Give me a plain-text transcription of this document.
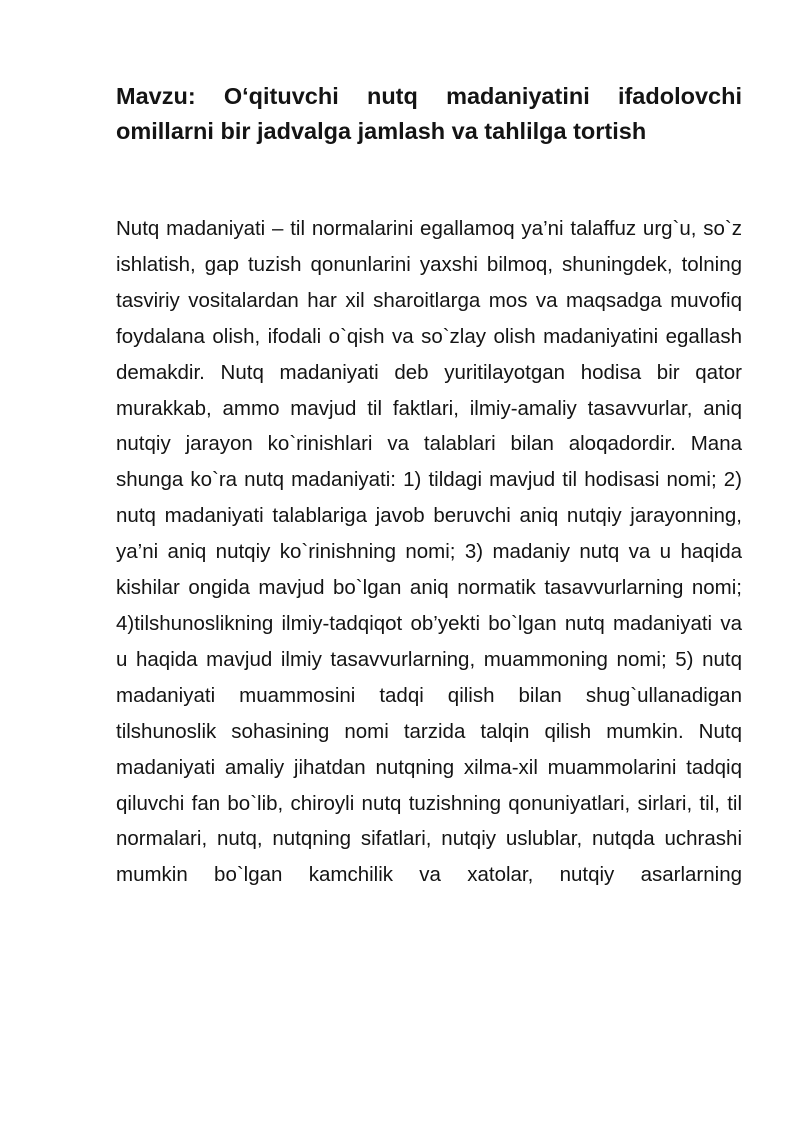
Mavzu: O‘qituvchi nutq madaniyatini ifadolovchi omillarni bir jadvalga jamlash va tahlilga tortish

Nutq madaniyati – til normalarini egallamoq ya’ni talaffuz urg`u, so`z ishlatish, gap tuzish qonunlarini yaxshi bilmoq, shuningdek, tolning tasviriy vositalardan har xil sharoitlarga mos va maqsadga muvofiq foydalana olish, ifodali o`qish va so`zlay olish madaniyatini egallash demakdir. Nutq madaniyati deb yuritilayotgan hodisa bir qator murakkab, ammo mavjud til faktlari, ilmiy-amaliy tasavvurlar, aniq nutqiy jarayon ko`rinishlari va talablari bilan aloqadordir. Mana shunga ko`ra nutq madaniyati: 1) tildagi mavjud til hodisasi nomi; 2) nutq madaniyati talablariga javob beruvchi aniq nutqiy jarayonning, ya’ni aniq nutqiy ko`rinishning nomi; 3) madaniy nutq va u haqida kishilar ongida mavjud bo`lgan aniq normatik tasavvurlarning nomi; 4)tilshunoslikning ilmiy-tadqiqot ob’yekti bo`lgan nutq madaniyati va u haqida mavjud ilmiy tasavvurlarning, muammoning nomi; 5) nutq madaniyati muammosini tadqi qilish bilan shug`ullanadigan tilshunoslik sohasining nomi tarzida talqin qilish mumkin. Nutq madaniyati amaliy jihatdan nutqning xilma-xil muammolarini tadqiq qiluvchi fan bo`lib, chiroyli nutq tuzishning qonuniyatlari, sirlari, til, til normalari, nutq, nutqning sifatlari, nutqiy uslublar, nutqda uchrashi mumkin bo`lgan kamchilik va xatolar, nutqiy asarlarning
